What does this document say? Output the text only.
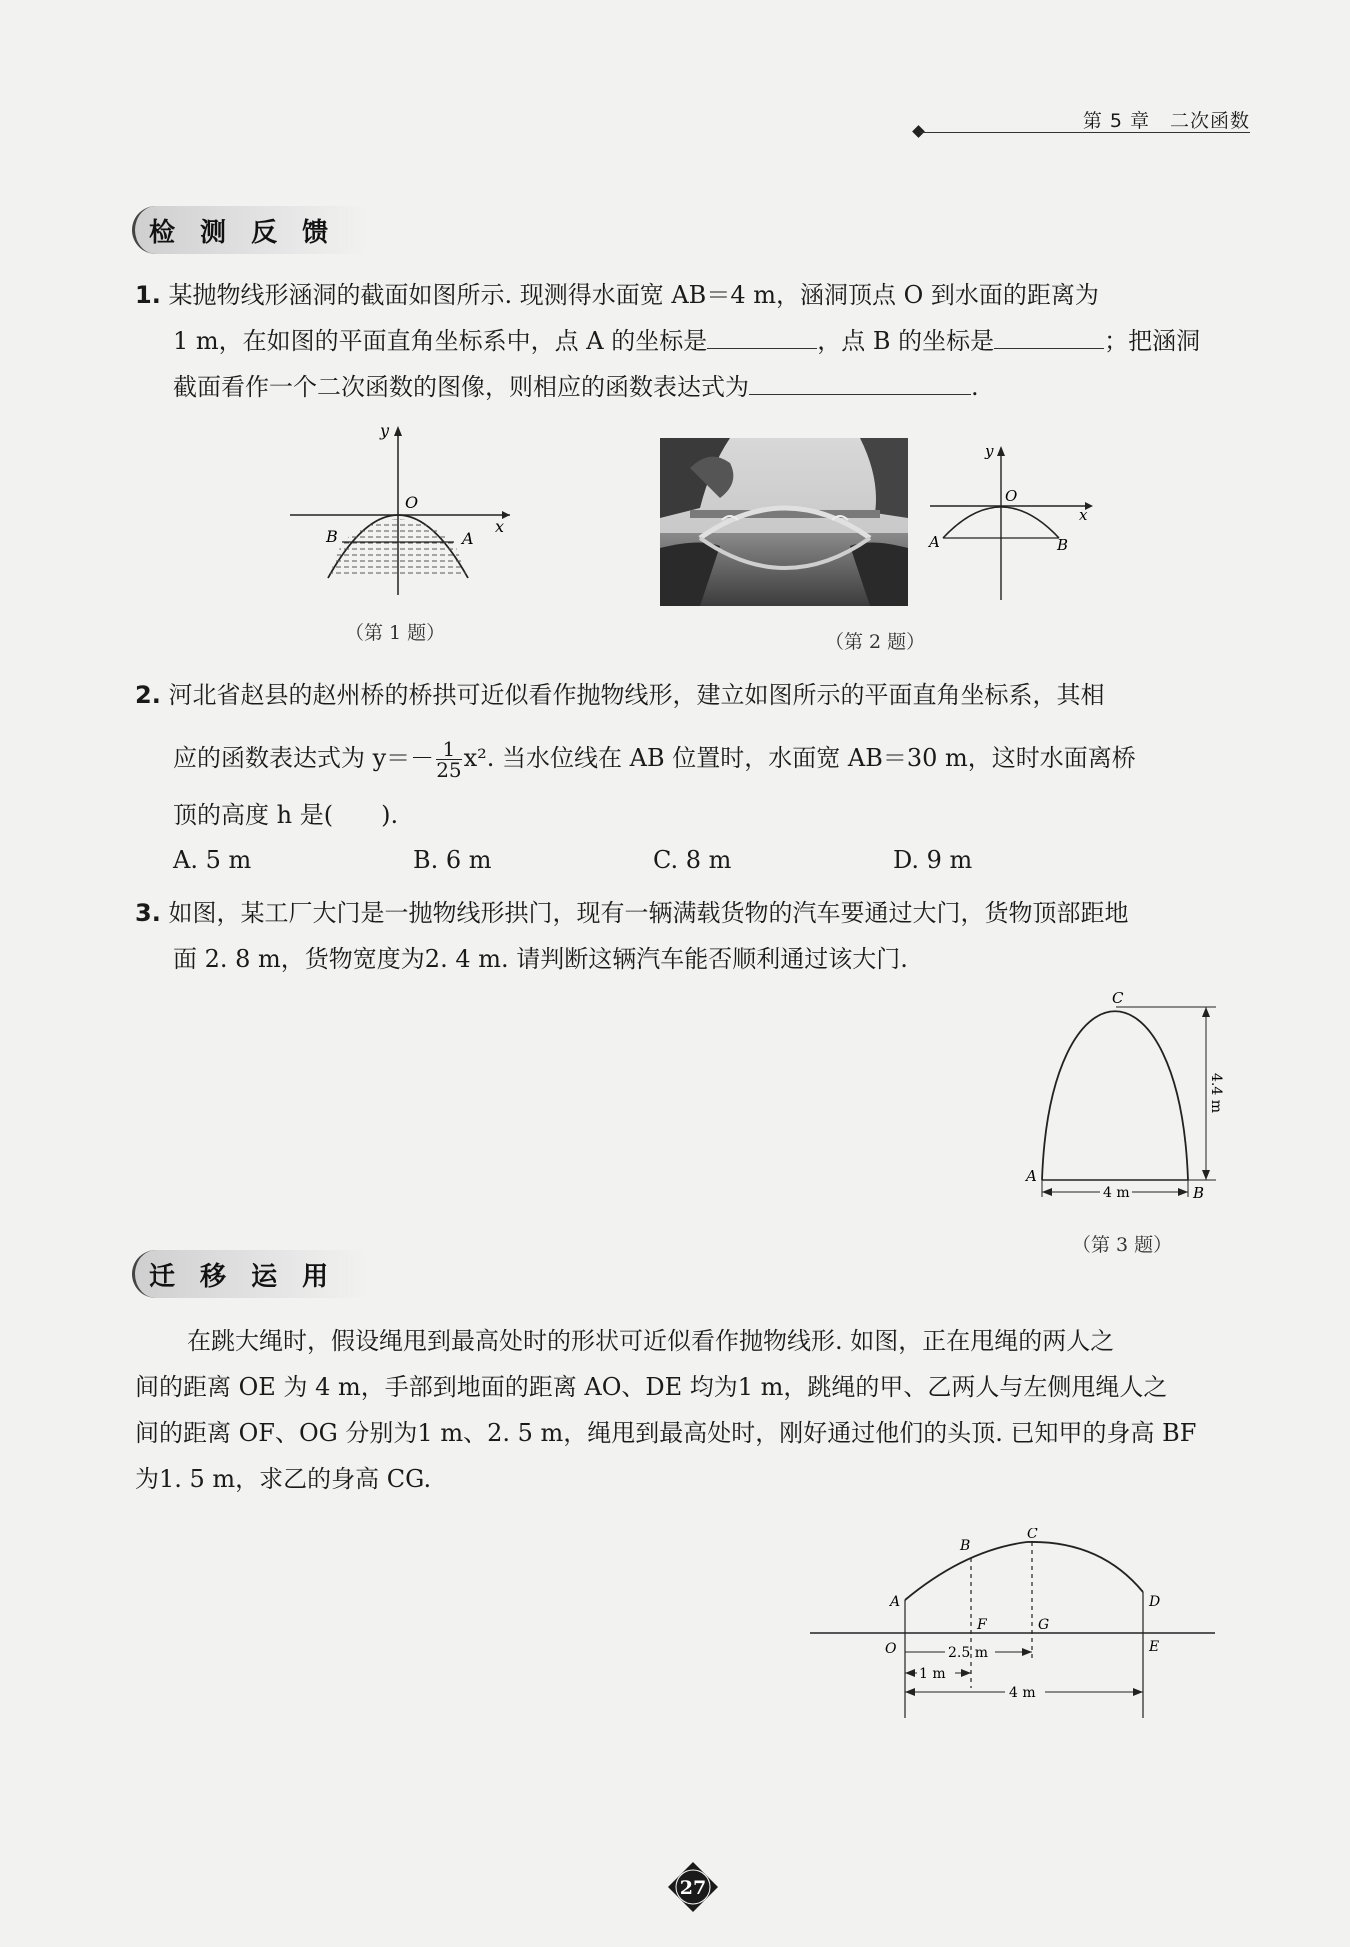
第 5 章　二次函数
检 测 反 馈
1. 某抛物线形涵洞的截面如图所示. 现测得水面宽 AB＝4 m，涵洞顶点 O 到水面的距离为
1 m，在如图的平面直角坐标系中，点 A 的坐标是	，点 B 的坐标是	；把涵洞
截面看作一个二次函数的图像，则相应的函数表达式为	.
y
O
x
B	A
（第 1 题）
y
O
x
A	B
（第 2 题）
2. 河北省赵县的赵州桥的桥拱可近似看作抛物线形，建立如图所示的平面直角坐标系，其相
应的函数表达式为 $y=- \frac{1}{25} x^2$. 当水位线在 AB 位置时，水面宽 AB＝30 m，这时水面离桥
顶的高度 h 是(　　).
A. 5 m	B. 6 m	C. 8 m	D. 9 m
3. 如图，某工厂大门是一抛物线形拱门，现有一辆满载货物的汽车要通过大门，货物顶部距地
面 2. 8 m，货物宽度为2. 4 m. 请判断这辆汽车能否顺利通过该大门.
C
A
B
4 m
4.4 m
（第 3 题）
迁 移 运 用
在跳大绳时，假设绳甩到最高处时的形状可近似看作抛物线形. 如图，正在甩绳的两人之
间的距离 OE 为 4 m，手部到地面的距离 AO、DE 均为1 m，跳绳的甲、乙两人与左侧甩绳人之
间的距离 OF、OG 分别为1 m、2. 5 m，绳甩到最高处时，刚好通过他们的头顶. 已知甲的身高 BF
为1. 5 m，求乙的身高 CG.
A
B
C
D
O
F	G
E
2.5 m
1 m
4 m
27
